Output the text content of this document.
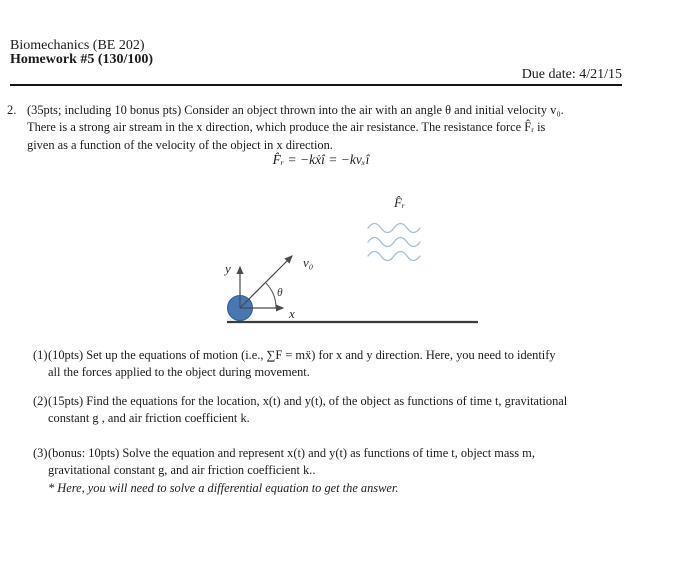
Biomechanics (BE 202)
Homework #5 (130/100)
Due date: 4/21/15
2. (35pts; including 10 bonus pts) Consider an object thrown into the air with an angle θ and initial velocity v₀.
There is a strong air stream in the x direction, which produce the air resistance. The resistance force F̂ᵣ is
given as a function of the velocity of the object in x direction.
F̂ᵣ = −kẋî = −kvₓî
F̂ᵣ
y
x
v₀
θ
(1) (10pts) Set up the equations of motion (i.e., ∑F = mẍ) for x and y direction. Here, you need to identify
all the forces applied to the object during movement.
(2) (15pts) Find the equations for the location, x(t) and y(t), of the object as functions of time t, gravitational
constant g , and air friction coefficient k.
(3) (bonus: 10pts) Solve the equation and represent x(t) and y(t) as functions of time t, object mass m,
gravitational constant g, and air friction coefficient k..
* Here, you will need to solve a differential equation to get the answer.
